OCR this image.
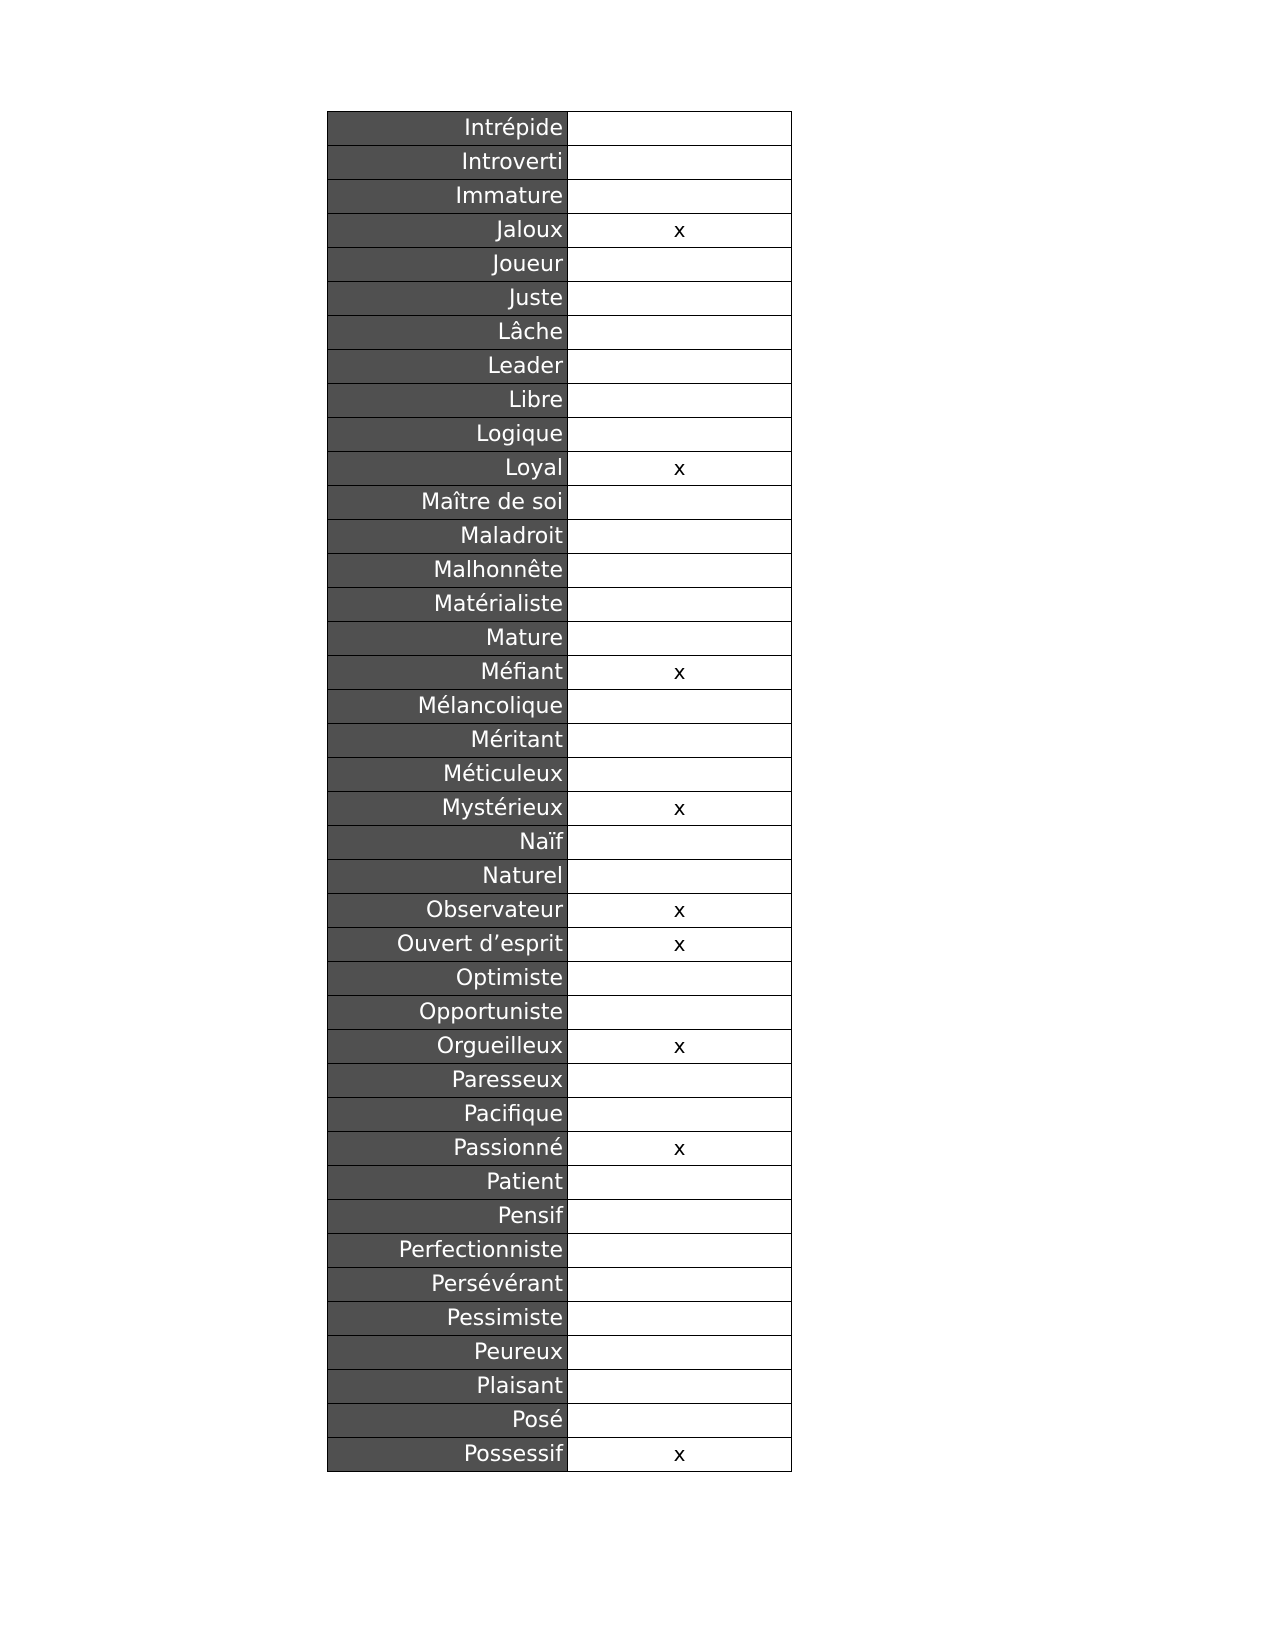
Intrépide	
Introverti	
Immature	
Jaloux	x
Joueur	
Juste	
Lâche	
Leader	
Libre	
Logique	
Loyal	x
Maître de soi	
Maladroit	
Malhonnête	
Matérialiste	
Mature	
Méfiant	x
Mélancolique	
Méritant	
Méticuleux	
Mystérieux	x
Naïf	
Naturel	
Observateur	x
Ouvert d’esprit	x
Optimiste	
Opportuniste	
Orgueilleux	x
Paresseux	
Pacifique	
Passionné	x
Patient	
Pensif	
Perfectionniste	
Persévérant	
Pessimiste	
Peureux	
Plaisant	
Posé	
Possessif	x
